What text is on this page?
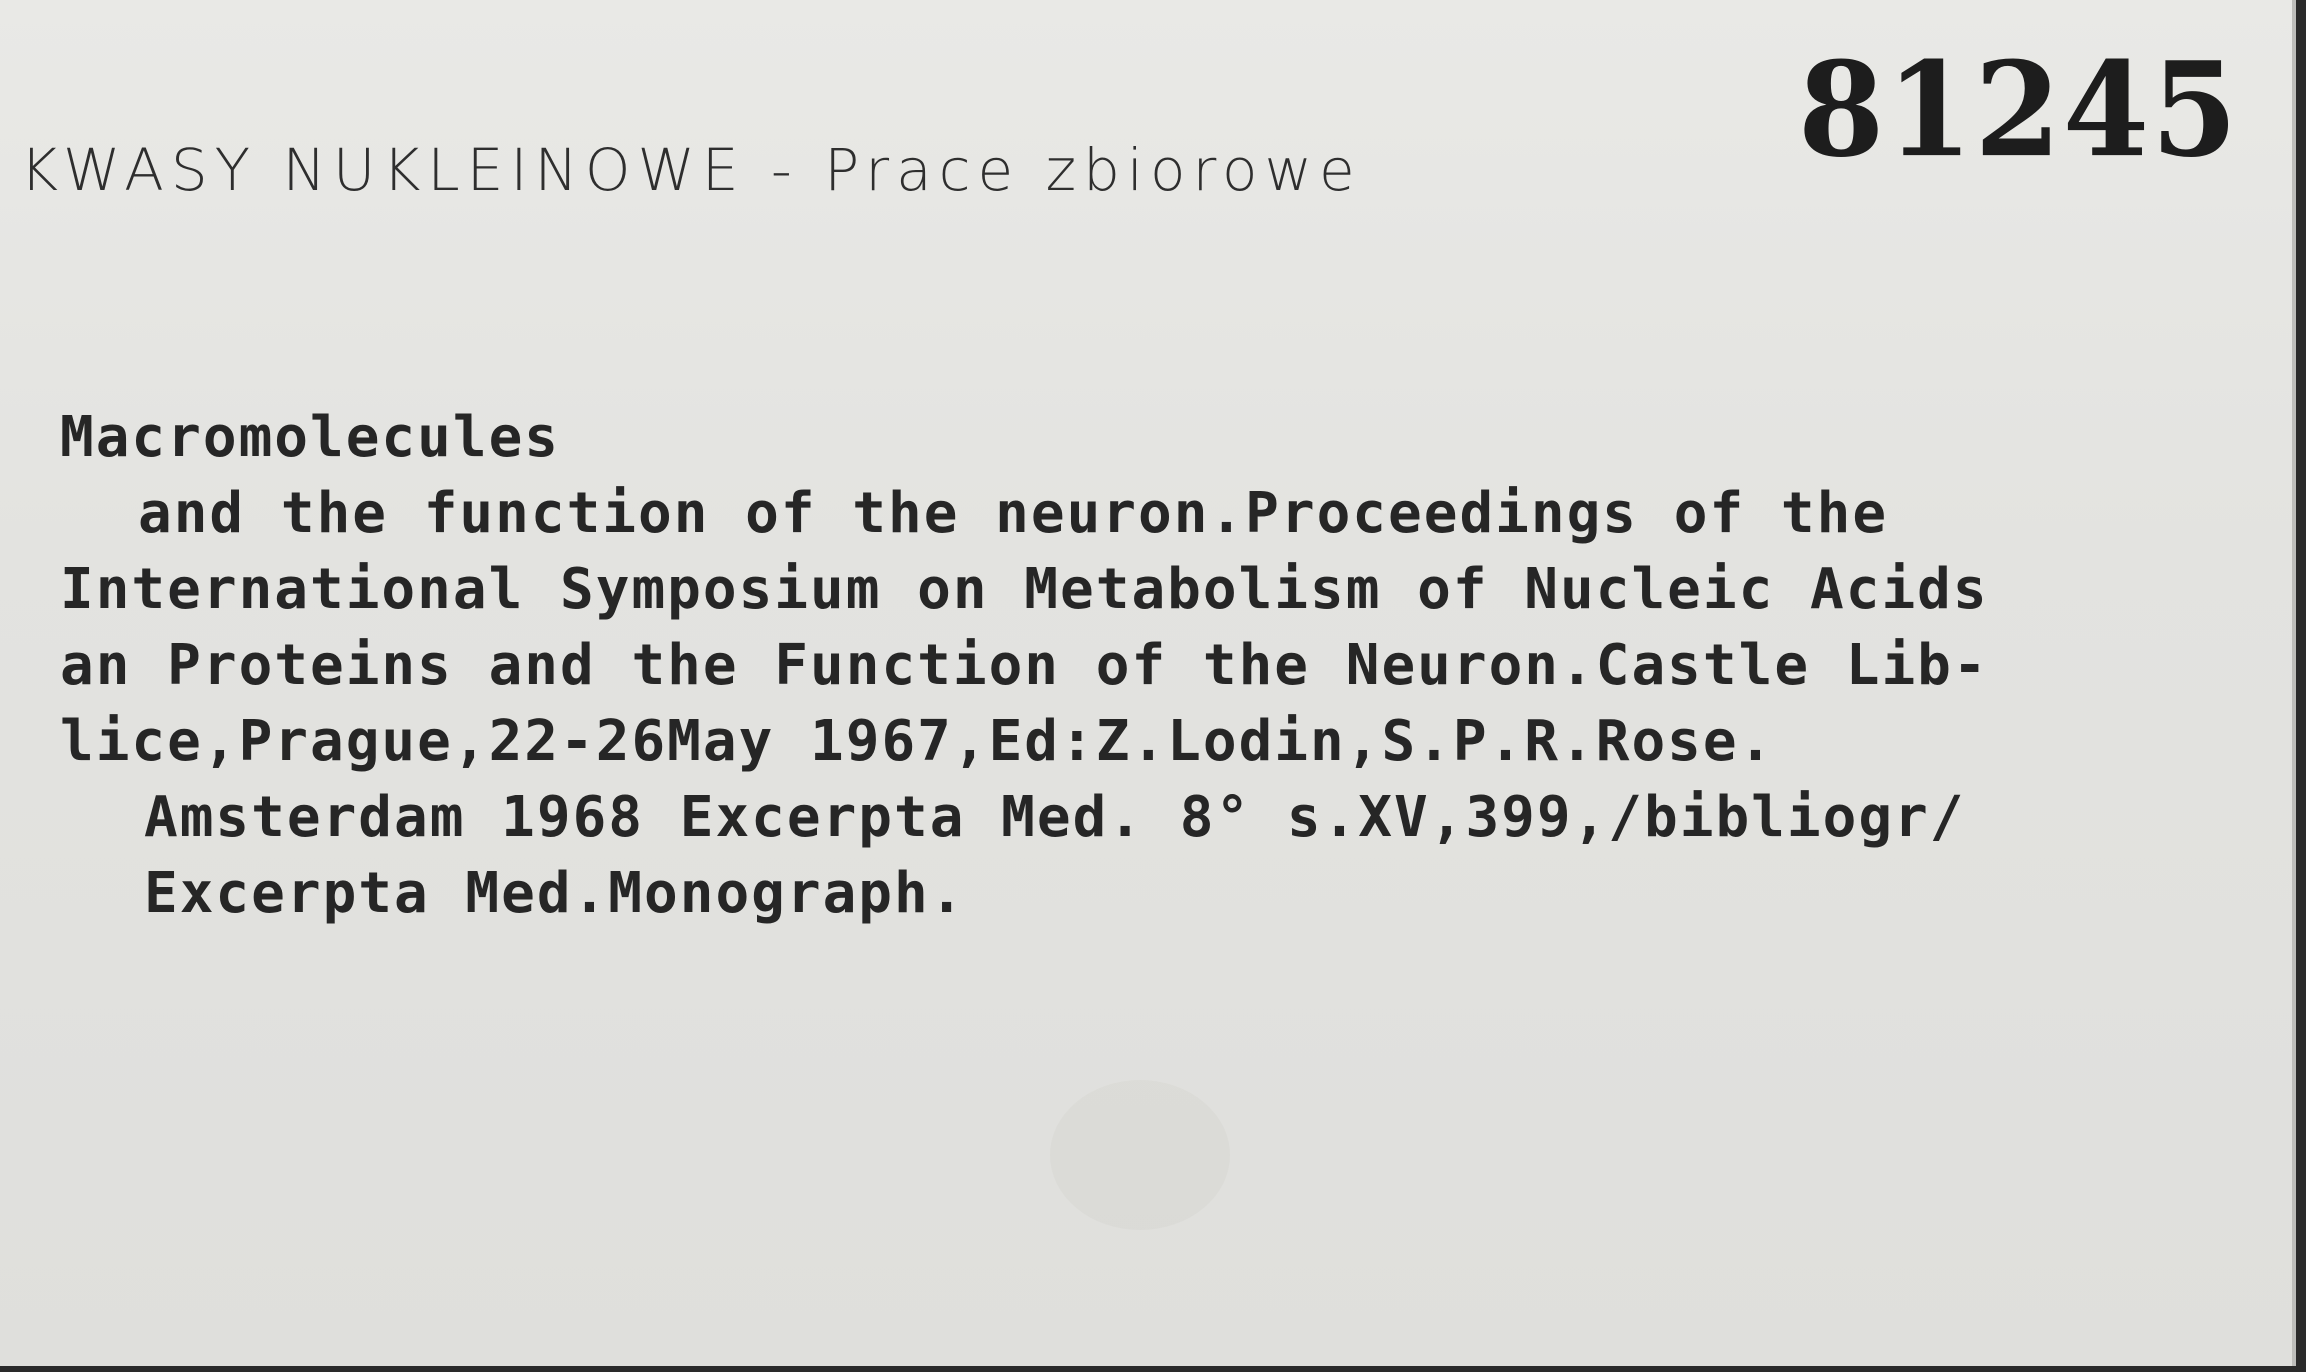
KWASY NUKLEINOWE - Prace zbiorowe	81245
Macromolecules
and the function of the neuron.Proceedings of the
International Symposium on Metabolism of Nucleic Acids
an Proteins and the Function of the Neuron.Castle Lib-
lice,Prague,22-26May 1967,Ed:Z.Lodin,S.P.R.Rose.
Amsterdam 1968 Excerpta Med. 8° s.XV,399,/bibliogr/
Excerpta Med.Monograph.
